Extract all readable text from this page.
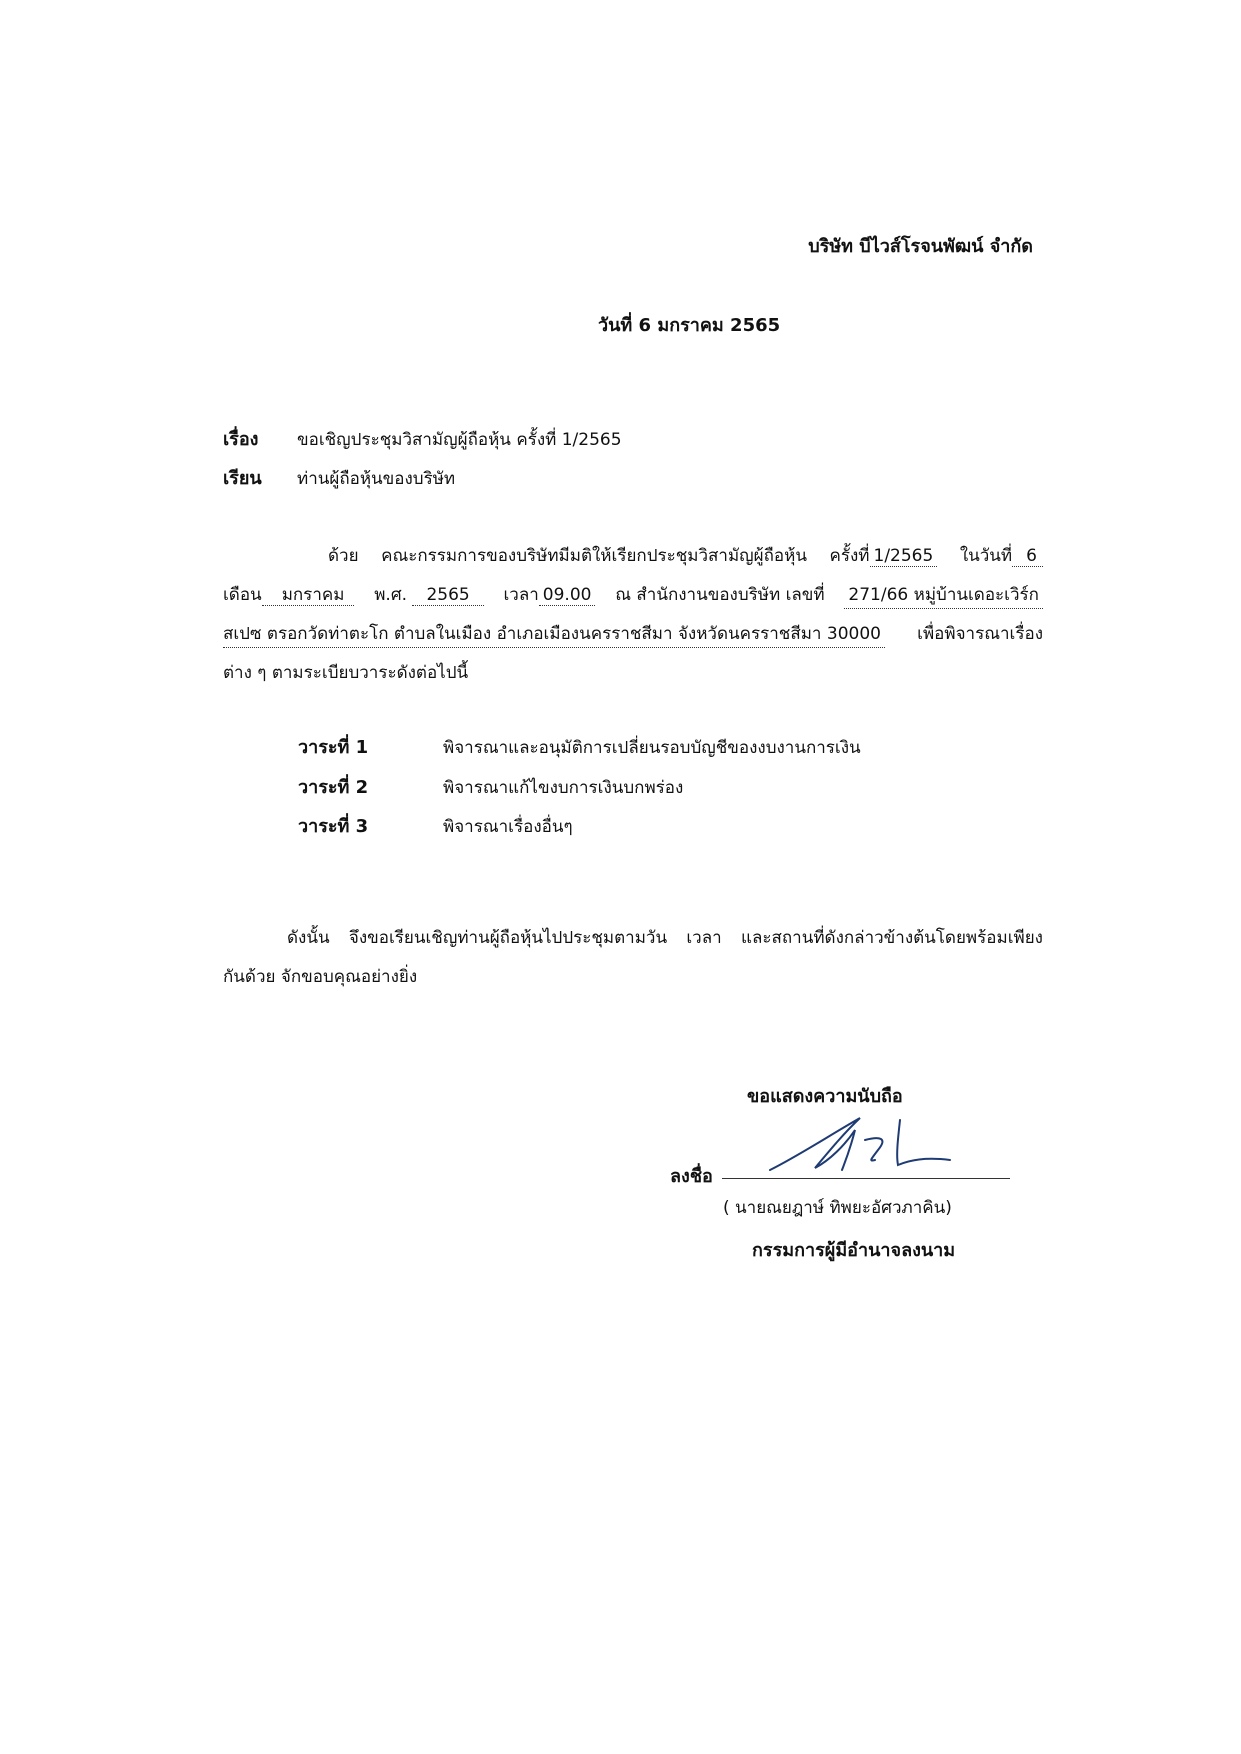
บริษัท บีไวส์โรจนพัฒน์ จำกัด
วันที่ 6 มกราคม 2565
เรื่อง ขอเชิญประชุมวิสามัญผู้ถือหุ้น ครั้งที่ 1/2565
เรียน ท่านผู้ถือหุ้นของบริษัท
ด้วย คณะกรรมการของบริษัทมีมติให้เรียกประชุมวิสามัญผู้ถือหุ้น ครั้งที่ 1/2565 ในวันที่ 6
เดือน มกราคม	พ.ศ. 2565	เวลา 09.00 ณ สำนักงานของบริษัท เลขที่ 271/66 หมู่บ้านเดอะเวิร์ก
สเปซ ตรอกวัดท่าตะโก ตำบลในเมือง อำเภอเมืองนครราชสีมา จังหวัดนครราชสีมา 30000 เพื่อพิจารณาเรื่อง
ต่าง ๆ ตามระเบียบวาระดังต่อไปนี้
วาระที่ 1	พิจารณาและอนุมัติการเปลี่ยนรอบบัญชีของงบงานการเงิน
วาระที่ 2	พิจารณาแก้ไขงบการเงินบกพร่อง
วาระที่ 3	พิจารณาเรื่องอื่นๆ
ดังนั้น จึงขอเรียนเชิญท่านผู้ถือหุ้นไปประชุมตามวัน เวลา และสถานที่ดังกล่าวข้างต้นโดยพร้อมเพียง
กันด้วย จักขอบคุณอย่างยิ่ง
ขอแสดงความนับถือ
ลงชื่อ
( นายณยฎาษ์ ทิพยะอัศวภาคิน)
กรรมการผู้มีอำนาจลงนาม
